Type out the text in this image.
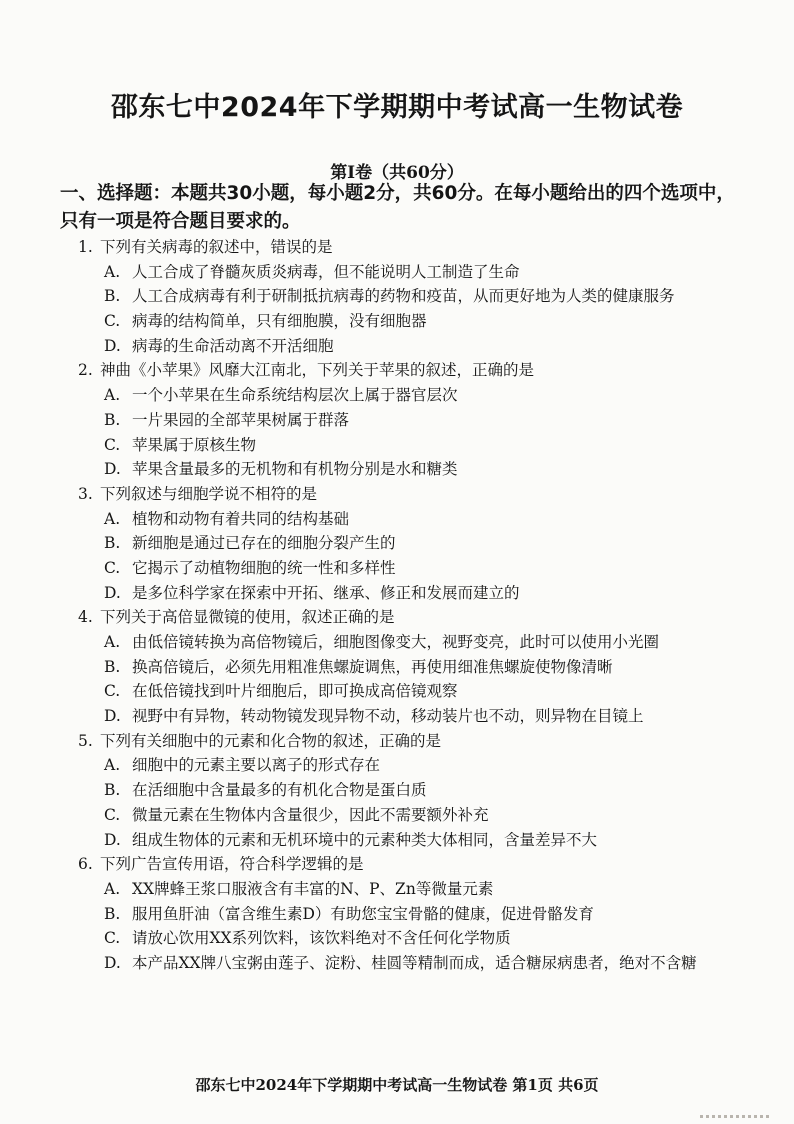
邵东七中2024年下学期期中考试高一生物试卷
第Ⅰ卷（共60分）
一、选择题：本题共30小题，每小题2分，共60分。在每小题给出的四个选项中，只有一项是符合题目要求的。
1. 下列有关病毒的叙述中，错误的是
A. 人工合成了脊髓灰质炎病毒，但不能说明人工制造了生命
B. 人工合成病毒有利于研制抵抗病毒的药物和疫苗，从而更好地为人类的健康服务
C. 病毒的结构简单，只有细胞膜，没有细胞器
D. 病毒的生命活动离不开活细胞
2. 神曲《小苹果》风靡大江南北，下列关于苹果的叙述，正确的是
A. 一个小苹果在生命系统结构层次上属于器官层次
B. 一片果园的全部苹果树属于群落
C. 苹果属于原核生物
D. 苹果含量最多的无机物和有机物分别是水和糖类
3. 下列叙述与细胞学说不相符的是
A. 植物和动物有着共同的结构基础
B. 新细胞是通过已存在的细胞分裂产生的
C. 它揭示了动植物细胞的统一性和多样性
D. 是多位科学家在探索中开拓、继承、修正和发展而建立的
4. 下列关于高倍显微镜的使用，叙述正确的是
A. 由低倍镜转换为高倍物镜后，细胞图像变大，视野变亮，此时可以使用小光圈
B. 换高倍镜后，必须先用粗准焦螺旋调焦，再使用细准焦螺旋使物像清晰
C. 在低倍镜找到叶片细胞后，即可换成高倍镜观察
D. 视野中有异物，转动物镜发现异物不动，移动装片也不动，则异物在目镜上
5. 下列有关细胞中的元素和化合物的叙述，正确的是
A. 细胞中的元素主要以离子的形式存在
B. 在活细胞中含量最多的有机化合物是蛋白质
C. 微量元素在生物体内含量很少，因此不需要额外补充
D. 组成生物体的元素和无机环境中的元素种类大体相同，含量差异不大
6. 下列广告宣传用语，符合科学逻辑的是
A. XX牌蜂王浆口服液含有丰富的N、P、Zn等微量元素
B. 服用鱼肝油（富含维生素D）有助您宝宝骨骼的健康，促进骨骼发育
C. 请放心饮用XX系列饮料，该饮料绝对不含任何化学物质
D. 本产品XX牌八宝粥由莲子、淀粉、桂圆等精制而成，适合糖尿病患者，绝对不含糖
邵东七中2024年下学期期中考试高一生物试卷 第1页 共6页
